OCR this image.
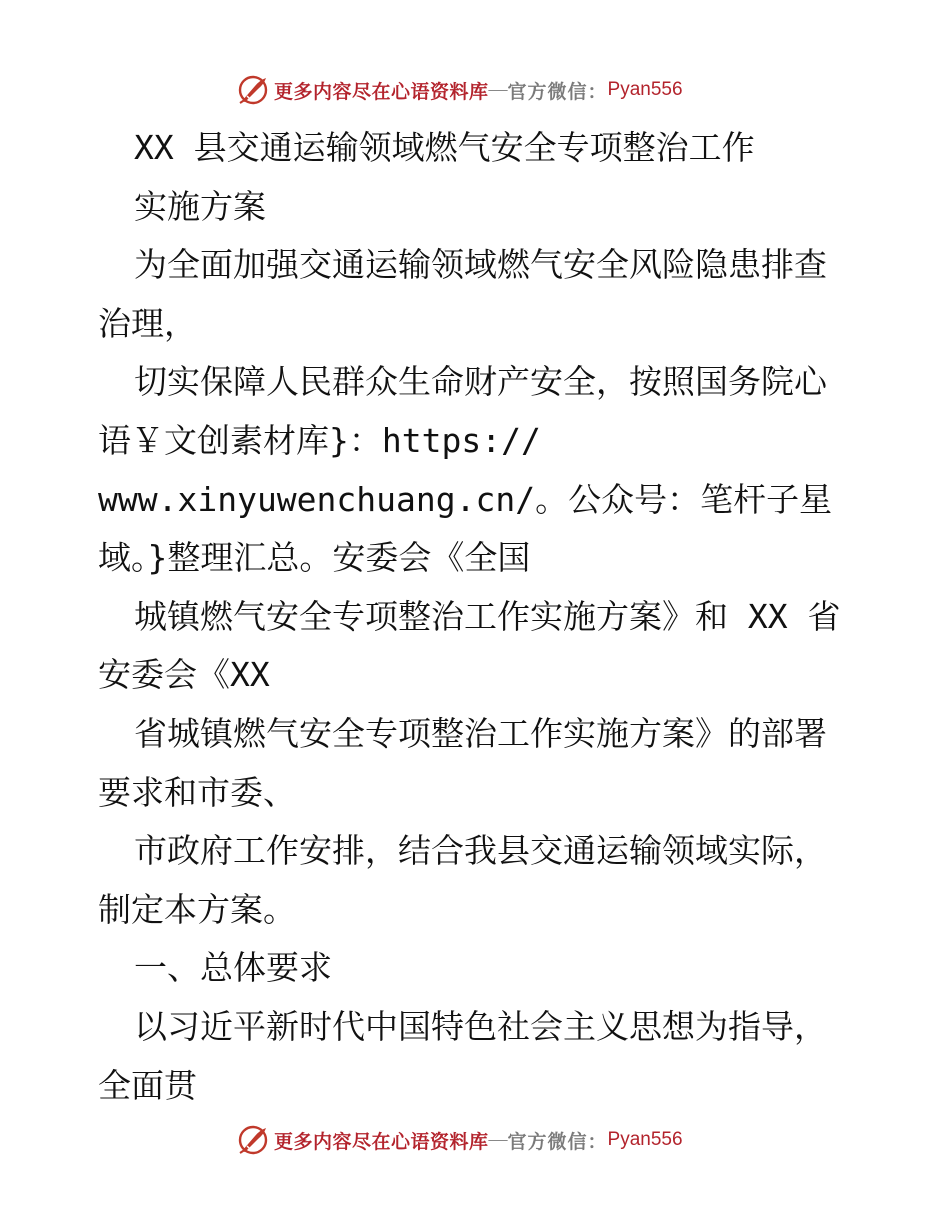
更多内容尽在心语资料库 — 官方微信： Pyan556
XX 县交通运输领域燃气安全专项整治工作
实施方案
为全面加强交通运输领域燃气安全风险隐患排查
治理，
切实保障人民群众生命财产安全，按照国务院心
语￥文创素材库}：https://
www.xinyuwenchuang.cn/。公众号：笔杆子星
域。}整理汇总。安委会《全国
城镇燃气安全专项整治工作实施方案》和 XX 省
安委会《XX
省城镇燃气安全专项整治工作实施方案》的部署
要求和市委、
市政府工作安排，结合我县交通运输领域实际，
制定本方案。
一、总体要求
以习近平新时代中国特色社会主义思想为指导，
全面贯
更多内容尽在心语资料库 — 官方微信： Pyan556
